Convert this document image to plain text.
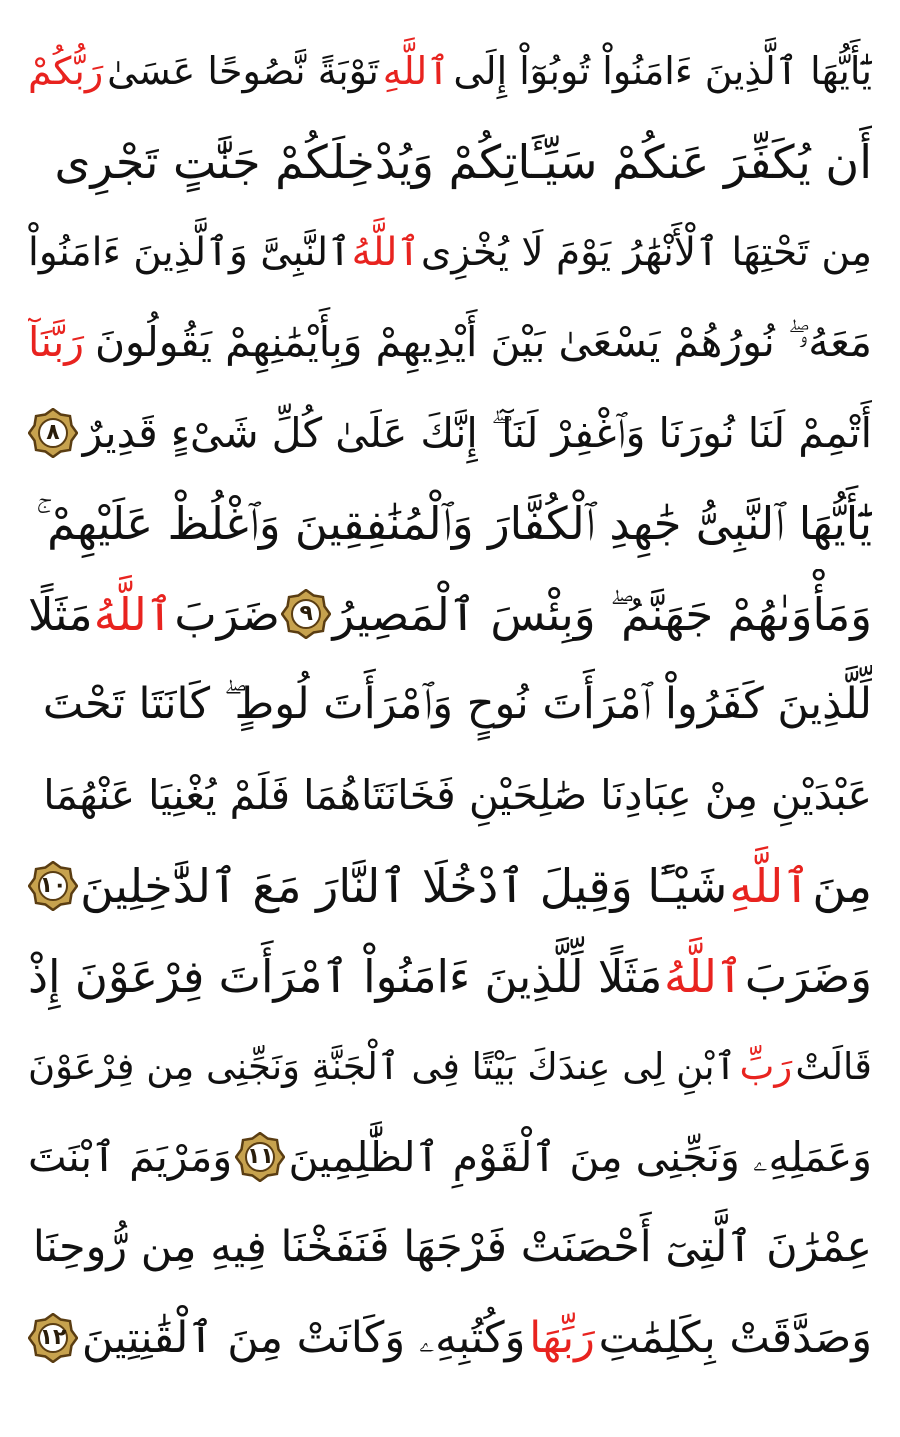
يَٰٓأَيُّهَا ٱلَّذِينَ ءَامَنُواْ تُوبُوٓاْ إِلَى
ٱللَّهِ
تَوْبَةً نَّصُوحًا عَسَىٰ
رَبُّكُمْ
أَن يُكَفِّرَ عَنكُمْ سَيِّـَٔاتِكُمْ وَيُدْخِلَكُمْ جَنَّٰتٍ تَجْرِى
مِن تَحْتِهَا ٱلْأَنْهَٰرُ يَوْمَ لَا يُخْزِى
ٱللَّهُ
ٱلنَّبِىَّ وَٱلَّذِينَ ءَامَنُواْ
مَعَهُۥ ۖ نُورُهُمْ يَسْعَىٰ بَيْنَ أَيْدِيهِمْ وَبِأَيْمَٰنِهِمْ يَقُولُونَ
رَبَّنَآ
أَتْمِمْ لَنَا نُورَنَا وَٱغْفِرْ لَنَآ ۖ إِنَّكَ عَلَىٰ كُلِّ شَىْءٍ قَدِيرٌ
٨
يَٰٓأَيُّهَا ٱلنَّبِىُّ جَٰهِدِ ٱلْكُفَّارَ وَٱلْمُنَٰفِقِينَ وَٱغْلُظْ عَلَيْهِمْ ۚ
وَمَأْوَىٰهُمْ جَهَنَّمُ ۖ وَبِئْسَ ٱلْمَصِيرُ
٩
ضَرَبَ
ٱللَّهُ
مَثَلًا
لِّلَّذِينَ كَفَرُواْ ٱمْرَأَتَ نُوحٍ وَٱمْرَأَتَ لُوطٍ ۖ كَانَتَا تَحْتَ
عَبْدَيْنِ مِنْ عِبَادِنَا صَٰلِحَيْنِ فَخَانَتَاهُمَا فَلَمْ يُغْنِيَا عَنْهُمَا
مِنَ
ٱللَّهِ
شَيْـًٔا وَقِيلَ ٱدْخُلَا ٱلنَّارَ مَعَ ٱلدَّٰخِلِينَ
١٠
وَضَرَبَ
ٱللَّهُ
مَثَلًا لِّلَّذِينَ ءَامَنُواْ ٱمْرَأَتَ فِرْعَوْنَ إِذْ
قَالَتْ
رَبِّ
ٱبْنِ لِى عِندَكَ بَيْتًا فِى ٱلْجَنَّةِ وَنَجِّنِى مِن فِرْعَوْنَ
وَعَمَلِهِۦ وَنَجِّنِى مِنَ ٱلْقَوْمِ ٱلظَّٰلِمِينَ
١١
وَمَرْيَمَ ٱبْنَتَ
عِمْرَٰنَ ٱلَّتِىٓ أَحْصَنَتْ فَرْجَهَا فَنَفَخْنَا فِيهِ مِن رُّوحِنَا
وَصَدَّقَتْ بِكَلِمَٰتِ
رَبِّهَا
وَكُتُبِهِۦ وَكَانَتْ مِنَ ٱلْقَٰنِتِينَ
١٢
